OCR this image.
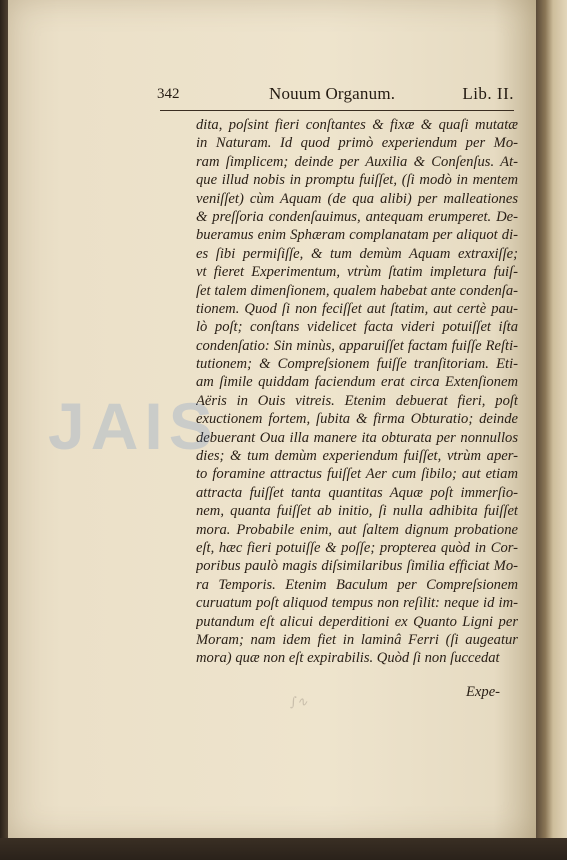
342	Nouum Organum.	Lib. II.
dita, poſsint fieri conſtantes & fixæ & quaſi mutatæ
in Naturam. Id quod primò experiendum per Mo-
ram ſimplicem; deinde per Auxilia & Conſenſus. At-
que illud nobis in promptu fuiſſet, (ſi modò in mentem
veniſſet) cùm Aquam (de qua alibi) per malleationes
& preſſoria condenſauimus, antequam erumperet. De-
bueramus enim Sphæram complanatam per aliquot di-
es ſibi permiſiſſe, & tum demùm Aquam extraxiſſe;
vt fieret Experimentum, vtrùm ſtatim impletura fuiſ-
ſet talem dimenſionem, qualem habebat ante condenſa-
tionem. Quod ſi non feciſſet aut ſtatim, aut certè pau-
lò poſt; conſtans videlicet facta videri potuiſſet iſta
condenſatio: Sin minùs, apparuiſſet factam fuiſſe Reſti-
tutionem; & Compreſsionem fuiſſe tranſitoriam. Eti-
am ſimile quiddam faciendum erat circa Extenſionem
Aëris in Ouis vitreis. Etenim debuerat fieri, poſt
exuctionem fortem, ſubita & firma Obturatio; deinde
debuerant Oua illa manere ita obturata per nonnullos
dies; & tum demùm experiendum fuiſſet, vtrùm aper-
to foramine attractus fuiſſet Aer cum ſibilo; aut etiam
attracta fuiſſet tanta quantitas Aquæ poſt immerſio-
nem, quanta fuiſſet ab initio, ſi nulla adhibita fuiſſet
mora. Probabile enim, aut ſaltem dignum probatione
eſt, hæc fieri potuiſſe & poſſe; propterea quòd in Cor-
poribus paulò magis diſsimilaribus ſimilia efficiat Mo-
ra Temporis. Etenim Baculum per Compreſsionem
curuatum poſt aliquod tempus non reſilit: neque id im-
putandum eſt alicui deperditioni ex Quanto Ligni per
Moram; nam idem fiet in laminâ Ferri (ſi augeatur
mora) quæ non eſt expirabilis. Quòd ſi non ſuccedat
Expe-
JAIS
∫∿
